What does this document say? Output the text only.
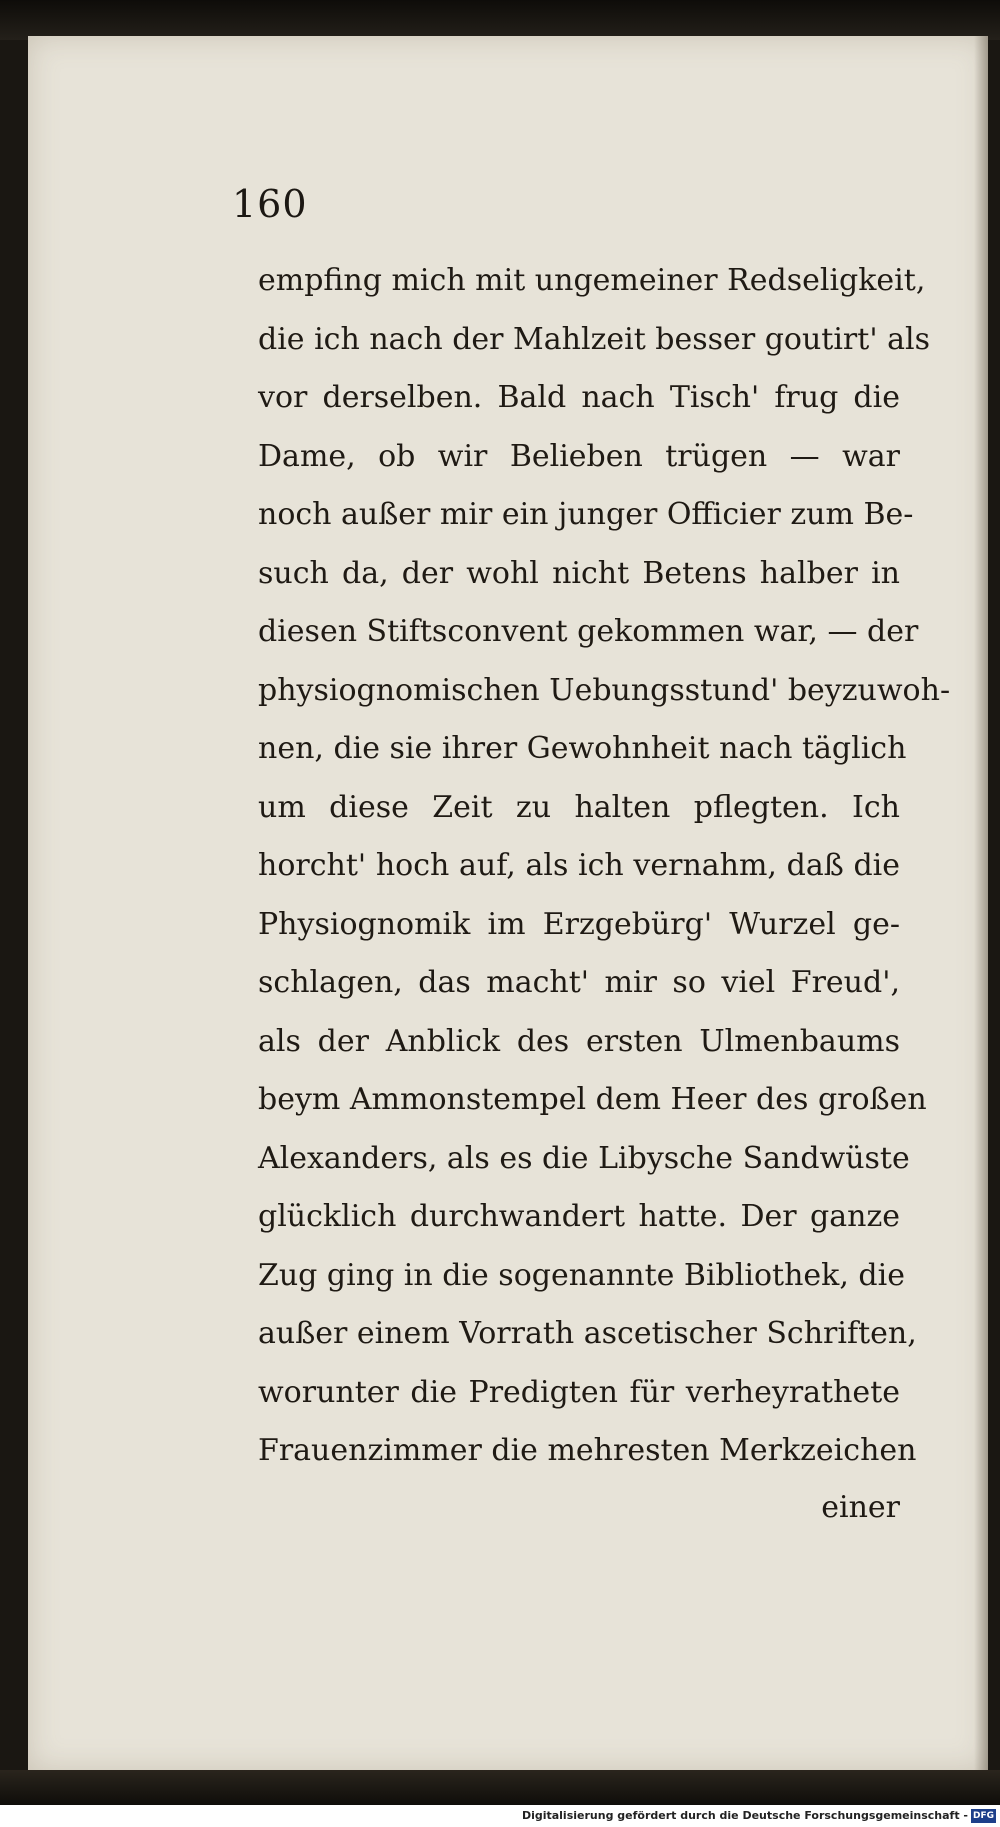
160
empfing mich mit ungemeiner Redseligkeit,
die ich nach der Mahlzeit besser goutirt' als
vor derselben. Bald nach Tisch' frug die
Dame, ob wir Belieben trügen — war
noch außer mir ein junger Officier zum Be-
such da, der wohl nicht Betens halber in
diesen Stiftsconvent gekommen war, — der
physiognomischen Uebungsstund' beyzuwoh-
nen, die sie ihrer Gewohnheit nach täglich
um diese Zeit zu halten pflegten. Ich
horcht' hoch auf, als ich vernahm, daß die
Physiognomik im Erzgebürg' Wurzel ge-
schlagen, das macht' mir so viel Freud',
als der Anblick des ersten Ulmenbaums
beym Ammonstempel dem Heer des großen
Alexanders, als es die Libysche Sandwüste
glücklich durchwandert hatte. Der ganze
Zug ging in die sogenannte Bibliothek, die
außer einem Vorrath ascetischer Schriften,
worunter die Predigten für verheyrathete
Frauenzimmer die mehresten Merkzeichen
einer
Digitalisierung gefördert durch die Deutsche Forschungsgemeinschaft - DFG
